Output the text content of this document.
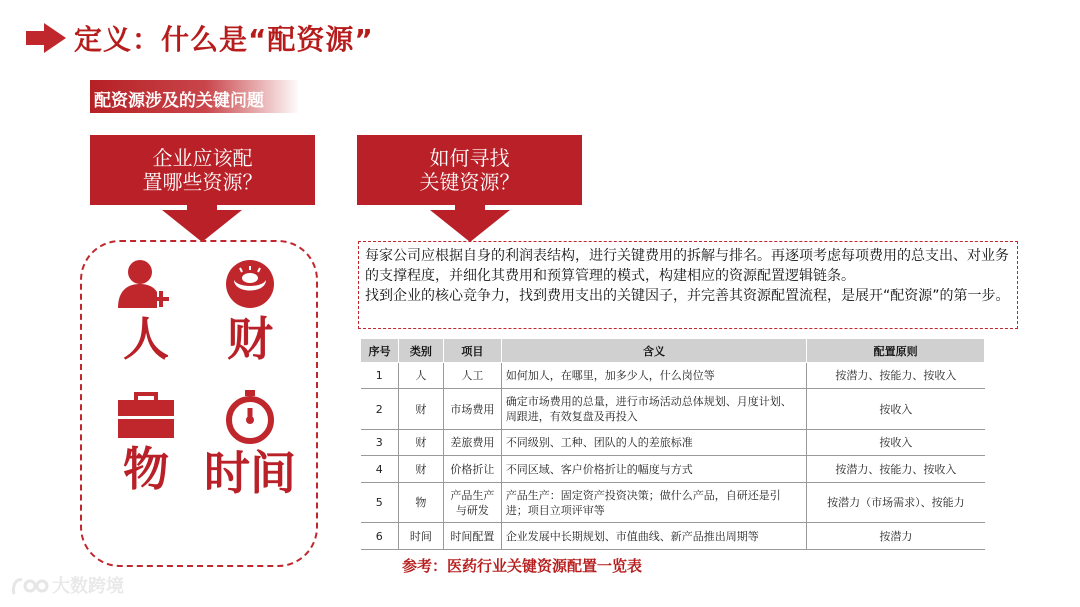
定义：什么是“配资源”
配资源涉及的关键问题
企业应该配
置哪些资源？
如何寻找
关键资源？
人	财
物 时间

每家公司应根据自身的利润表结构，进行关键费用的拆解与排名。再逐项考虑每项费用的总支出、对业务的支撑程度，并细化其费用和预算管理的模式，构建相应的资源配置逻辑链条。

找到企业的核心竞争力，找到费用支出的关键因子，并完善其资源配置流程，是展开“配资源”的第一步。

序号	类别	项目	含义	配置原则
1	人	人工	如何加人，在哪里，加多少人，什么岗位等	按潜力、按能力、按收入
2	财	市场费用	确定市场费用的总量，进行市场活动总体规划、月度计划、周跟进，有效复盘及再投入	按收入
3	财	差旅费用	不同级别、工种、团队的人的差旅标准	按收入
4	财	价格折让	不同区域、客户价格折让的幅度与方式	按潜力、按能力、按收入
5	物	产品生产与研发	产品生产：固定资产投资决策；做什么产品，自研还是引进；项目立项评审等	按潜力（市场需求）、按能力
6	时间	时间配置	企业发展中长期规划、市值曲线、新产品推出周期等	按潜力
参考：医药行业关键资源配置一览表
大数跨境
